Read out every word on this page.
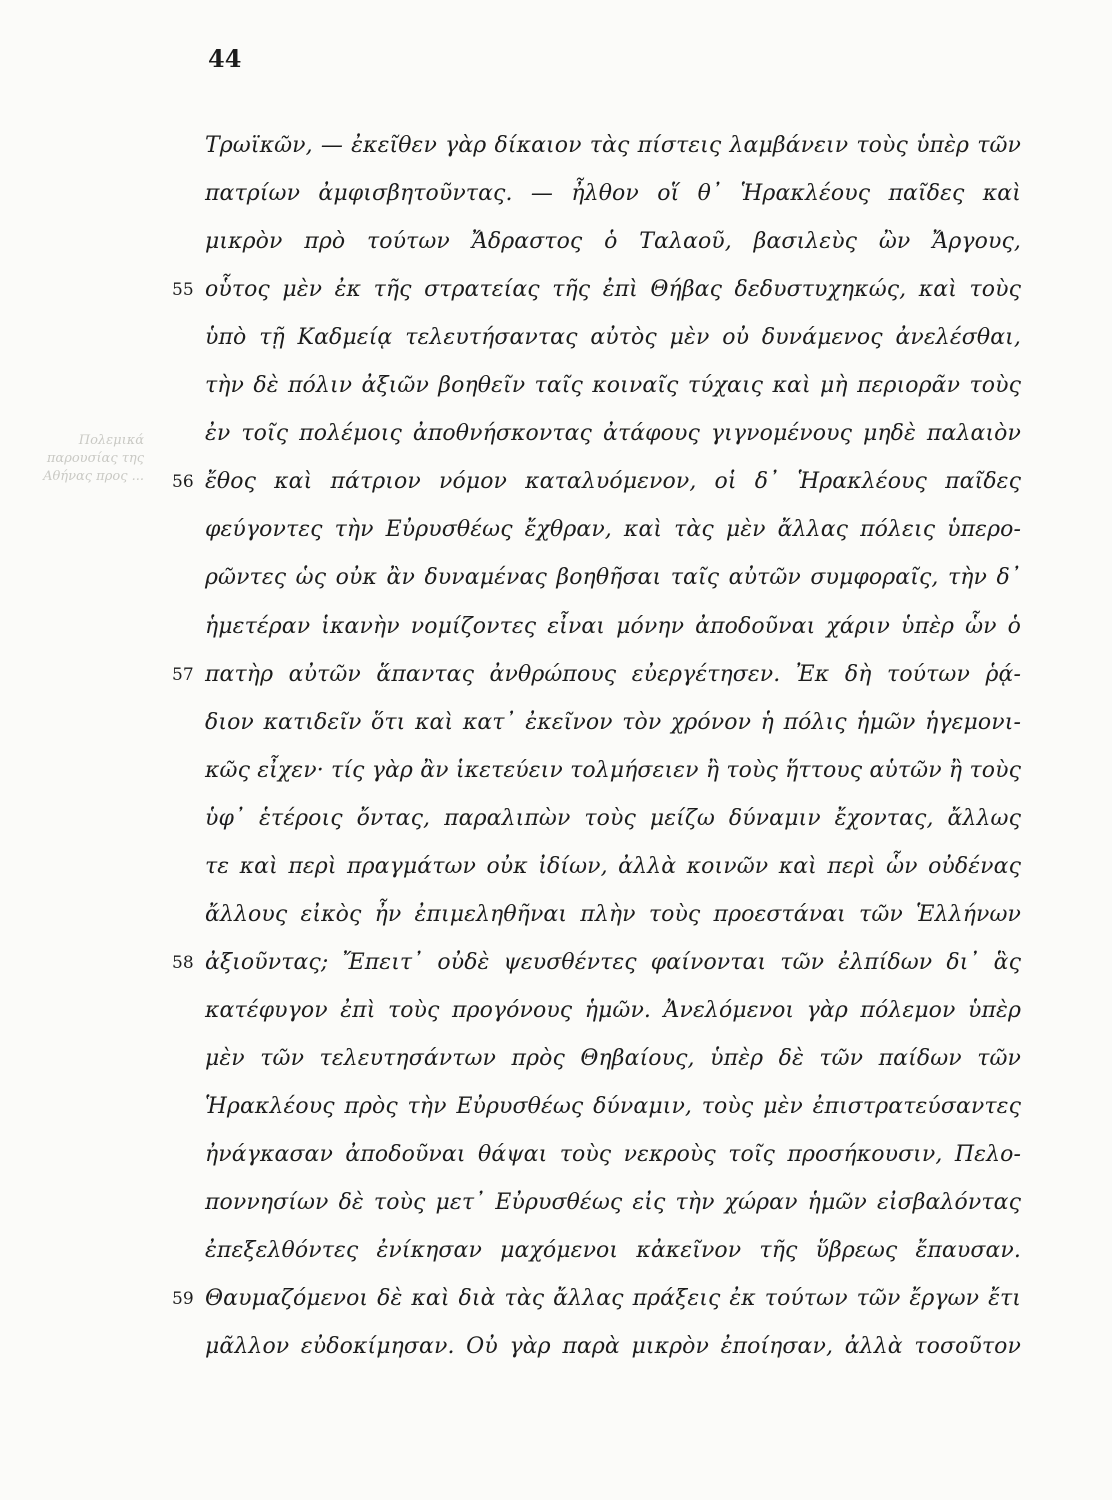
44
Πολεμικά παρουσίας της Αθήνας προς ...
Τρωϊκῶν, — ἐκεῖθεν γὰρ δίκαιον τὰς πίστεις λαμβάνειν τοὺς ὑπὲρ τῶν
πατρίων ἀμφισβητοῦντας. — ἦλθον οἵ θ᾽ Ἡρακλέους παῖδες καὶ
μικρὸν πρὸ τούτων Ἄδραστος ὁ Ταλαοῦ, βασιλεὺς ὢν Ἄργους,
55 οὗτος μὲν ἐκ τῆς στρατείας τῆς ἐπὶ Θήβας δεδυστυχηκώς, καὶ τοὺς
ὑπὸ τῇ Καδμείᾳ τελευτήσαντας αὐτὸς μὲν οὐ δυνάμενος ἀνελέσθαι,
τὴν δὲ πόλιν ἀξιῶν βοηθεῖν ταῖς κοιναῖς τύχαις καὶ μὴ περιορᾶν τοὺς
ἐν τοῖς πολέμοις ἀποθνήσκοντας ἀτάφους γιγνομένους μηδὲ παλαιὸν
56 ἔθος καὶ πάτριον νόμον καταλυόμενον, οἱ δ᾽ Ἡρακλέους παῖδες
φεύγοντες τὴν Εὐρυσθέως ἔχθραν, καὶ τὰς μὲν ἄλλας πόλεις ὑπερο-
ρῶντες ὡς οὐκ ἂν δυναμένας βοηθῆσαι ταῖς αὐτῶν συμφοραῖς, τὴν δ᾽
ἡμετέραν ἱκανὴν νομίζοντες εἶναι μόνην ἀποδοῦναι χάριν ὑπὲρ ὧν ὁ
57 πατὴρ αὐτῶν ἅπαντας ἀνθρώπους εὐεργέτησεν. Ἐκ δὴ τούτων ῥᾴ-
διον κατιδεῖν ὅτι καὶ κατ᾽ ἐκεῖνον τὸν χρόνον ἡ πόλις ἡμῶν ἡγεμονι-
κῶς εἶχεν· τίς γὰρ ἂν ἱκετεύειν τολμήσειεν ἢ τοὺς ἥττους αὑτῶν ἢ τοὺς
ὑφ᾽ ἑτέροις ὄντας, παραλιπὼν τοὺς μείζω δύναμιν ἔχοντας, ἄλλως
τε καὶ περὶ πραγμάτων οὐκ ἰδίων, ἀλλὰ κοινῶν καὶ περὶ ὧν οὐδένας
ἄλλους εἰκὸς ἦν ἐπιμεληθῆναι πλὴν τοὺς προεστάναι τῶν Ἑλλήνων
58 ἀξιοῦντας; Ἔπειτ᾽ οὐδὲ ψευσθέντες φαίνονται τῶν ἐλπίδων δι᾽ ἃς
κατέφυγον ἐπὶ τοὺς προγόνους ἡμῶν. Ἀνελόμενοι γὰρ πόλεμον ὑπὲρ
μὲν τῶν τελευτησάντων πρὸς Θηβαίους, ὑπὲρ δὲ τῶν παίδων τῶν
Ἡρακλέους πρὸς τὴν Εὐρυσθέως δύναμιν, τοὺς μὲν ἐπιστρατεύσαντες
ἠνάγκασαν ἀποδοῦναι θάψαι τοὺς νεκροὺς τοῖς προσήκουσιν, Πελο-
ποννησίων δὲ τοὺς μετ᾽ Εὐρυσθέως εἰς τὴν χώραν ἡμῶν εἰσβαλόντας
ἐπεξελθόντες ἐνίκησαν μαχόμενοι κἀκεῖνον τῆς ὕβρεως ἔπαυσαν.
59 Θαυμαζόμενοι δὲ καὶ διὰ τὰς ἄλλας πράξεις ἐκ τούτων τῶν ἔργων ἔτι
μᾶλλον εὐδοκίμησαν. Οὐ γὰρ παρὰ μικρὸν ἐποίησαν, ἀλλὰ τοσοῦτον
